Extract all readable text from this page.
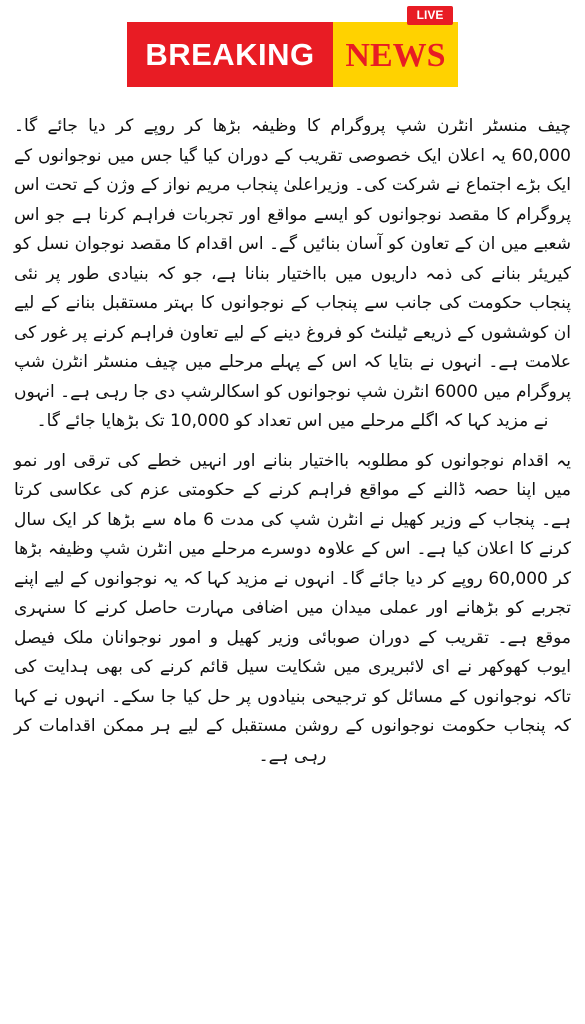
BREAKING NEWS
LIVE

چیف منسٹر انٹرن شپ پروگرام کا وظیفہ بڑھا کر روپے کر دیا جائے گا۔ 60,000 یہ اعلان ایک خصوصی تقریب کے دوران کیا گیا جس میں نوجوانوں کے ایک بڑے اجتماع نے شرکت کی۔ وزیراعلیٰ پنجاب مریم نواز کے وژن کے تحت اس پروگرام کا مقصد نوجوانوں کو ایسے مواقع اور تجربات فراہم کرنا ہے جو اس شعبے میں ان کے تعاون کو آسان بنائیں گے۔ اس اقدام کا مقصد نوجوان نسل کو کیریئر بنانے کی ذمہ داریوں میں بااختیار بنانا ہے، جو کہ بنیادی طور پر نئی پنجاب حکومت کی جانب سے پنجاب کے نوجوانوں کا بہتر مستقبل بنانے کے لیے ان کوششوں کے ذریعے ٹیلنٹ کو فروغ دینے کے لیے تعاون فراہم کرنے پر غور کی علامت ہے۔ انہوں نے بتایا کہ اس کے پہلے مرحلے میں چیف منسٹر انٹرن شپ پروگرام میں 6000 انٹرن شپ نوجوانوں کو اسکالرشپ دی جا رہی ہے۔ انہوں نے مزید کہا کہ اگلے مرحلے میں اس تعداد کو 10,000 تک بڑھایا جائے گا۔

یہ اقدام نوجوانوں کو مطلوبہ بااختیار بنانے اور انہیں خطے کی ترقی اور نمو میں اپنا حصہ ڈالنے کے مواقع فراہم کرنے کے حکومتی عزم کی عکاسی کرتا ہے۔ پنجاب کے وزیر کھیل نے انٹرن شپ کی مدت 6 ماہ سے بڑھا کر ایک سال کرنے کا اعلان کیا ہے۔ اس کے علاوہ دوسرے مرحلے میں انٹرن شپ وظیفہ بڑھا کر 60,000 روپے کر دیا جائے گا۔ انہوں نے مزید کہا کہ یہ نوجوانوں کے لیے اپنے تجربے کو بڑھانے اور عملی میدان میں اضافی مہارت حاصل کرنے کا سنہری موقع ہے۔ تقریب کے دوران صوبائی وزیر کھیل و امور نوجوانان ملک فیصل ایوب کھوکھر نے ای لائبریری میں شکایت سیل قائم کرنے کی بھی ہدایت کی تاکہ نوجوانوں کے مسائل کو ترجیحی بنیادوں پر حل کیا جا سکے۔ انہوں نے کہا کہ پنجاب حکومت نوجوانوں کے روشن مستقبل کے لیے ہر ممکن اقدامات کر رہی ہے۔
